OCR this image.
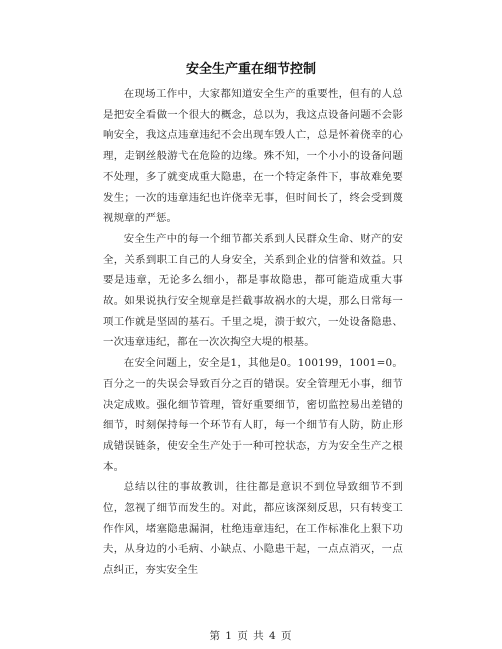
安全生产重在细节控制

在现场工作中，大家都知道安全生产的重要性，但有的人总是把安全看做一个很大的概念，总以为，我这点设备问题不会影响安全，我这点违章违纪不会出现车毁人亡，总是怀着侥幸的心理，走钢丝般游弋在危险的边缘。殊不知，一个小小的设备问题不处理，多了就变成重大隐患，在一个特定条件下，事故难免要发生；一次的违章违纪也许侥幸无事，但时间长了，终会受到蔑视规章的严惩。

安全生产中的每一个细节都关系到人民群众生命、财产的安全，关系到职工自己的人身安全，关系到企业的信誉和效益。只要是违章，无论多么细小，都是事故隐患，都可能造成重大事故。如果说执行安全规章是拦截事故祸水的大堤，那么日常每一项工作就是坚固的基石。千里之堤，溃于蚁穴，一处设备隐患、一次违章违纪，都在一次次掏空大堤的根基。

在安全问题上，安全是1，其他是0。100199，1001=0。百分之一的失误会导致百分之百的错误。安全管理无小事，细节决定成败。强化细节管理，管好重要细节，密切监控易出差错的细节，时刻保持每一个环节有人盯，每一个细节有人防，防止形成错误链条，使安全生产处于一种可控状态，方为安全生产之根本。

总结以往的事故教训，往往都是意识不到位导致细节不到位，忽视了细节而发生的。对此，都应该深刻反思，只有转变工作作风，堵塞隐患漏洞，杜绝违章违纪，在工作标准化上狠下功夫，从身边的小毛病、小缺点、小隐患干起，一点点消灭，一点点纠正，夯实安全生

第 1 页 共 4 页
